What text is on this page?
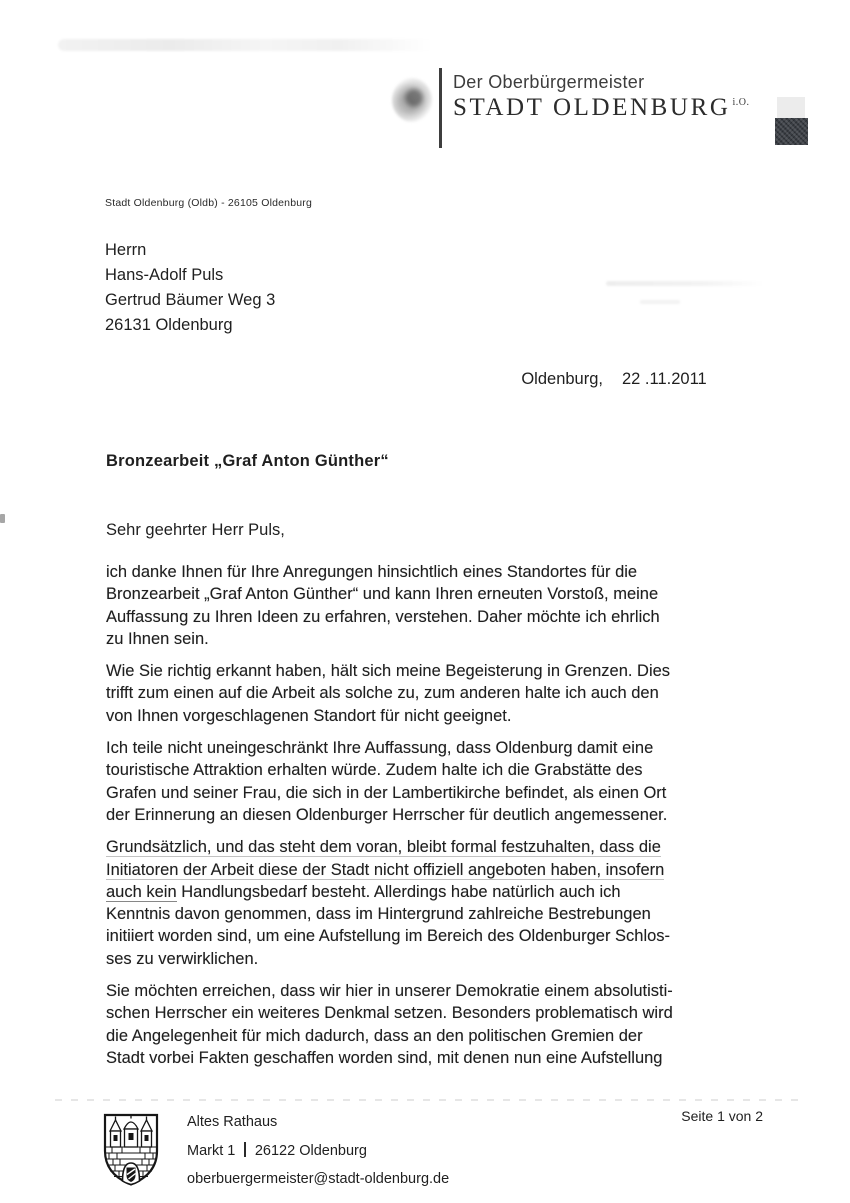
Der Oberbürgermeister
STADT OLDENBURG $^{i.O.}$
Stadt Oldenburg (Oldb) - 26105 Oldenburg
Herrn
Hans-Adolf Puls
Gertrud Bäumer Weg 3
26131 Oldenburg

Oldenburg, 22 .11.2011

Bronzearbeit „Graf Anton Günther“
Sehr geehrter Herr Puls,

ich danke Ihnen für Ihre Anregungen hinsichtlich eines Standortes für die
Bronzearbeit „Graf Anton Günther“ und kann Ihren erneuten Vorstoß, meine
Auffassung zu Ihren Ideen zu erfahren, verstehen. Daher möchte ich ehrlich
zu Ihnen sein.

Wie Sie richtig erkannt haben, hält sich meine Begeisterung in Grenzen. Dies
trifft zum einen auf die Arbeit als solche zu, zum anderen halte ich auch den
von Ihnen vorgeschlagenen Standort für nicht geeignet.

Ich teile nicht uneingeschränkt Ihre Auffassung, dass Oldenburg damit eine
touristische Attraktion erhalten würde. Zudem halte ich die Grabstätte des
Grafen und seiner Frau, die sich in der Lambertikirche befindet, als einen Ort
der Erinnerung an diesen Oldenburger Herrscher für deutlich angemessener.

Grundsätzlich, und das steht dem voran, bleibt formal festzuhalten, dass die
Initiatoren der Arbeit diese der Stadt nicht offiziell angeboten haben, insofern
auch kein Handlungsbedarf besteht. Allerdings habe natürlich auch ich
Kenntnis davon genommen, dass im Hintergrund zahlreiche Bestrebungen
initiiert worden sind, um eine Aufstellung im Bereich des Oldenburger Schlos-
ses zu verwirklichen.

Sie möchten erreichen, dass wir hier in unserer Demokratie einem absolutisti-
schen Herrscher ein weiteres Denkmal setzen. Besonders problematisch wird
die Angelegenheit für mich dadurch, dass an den politischen Gremien der
Stadt vorbei Fakten geschaffen worden sind, mit denen nun eine Aufstellung

Altes Rathaus
Markt 1 26122 Oldenburg
oberbuergermeister@stadt-oldenburg.de
Seite 1 von 2
